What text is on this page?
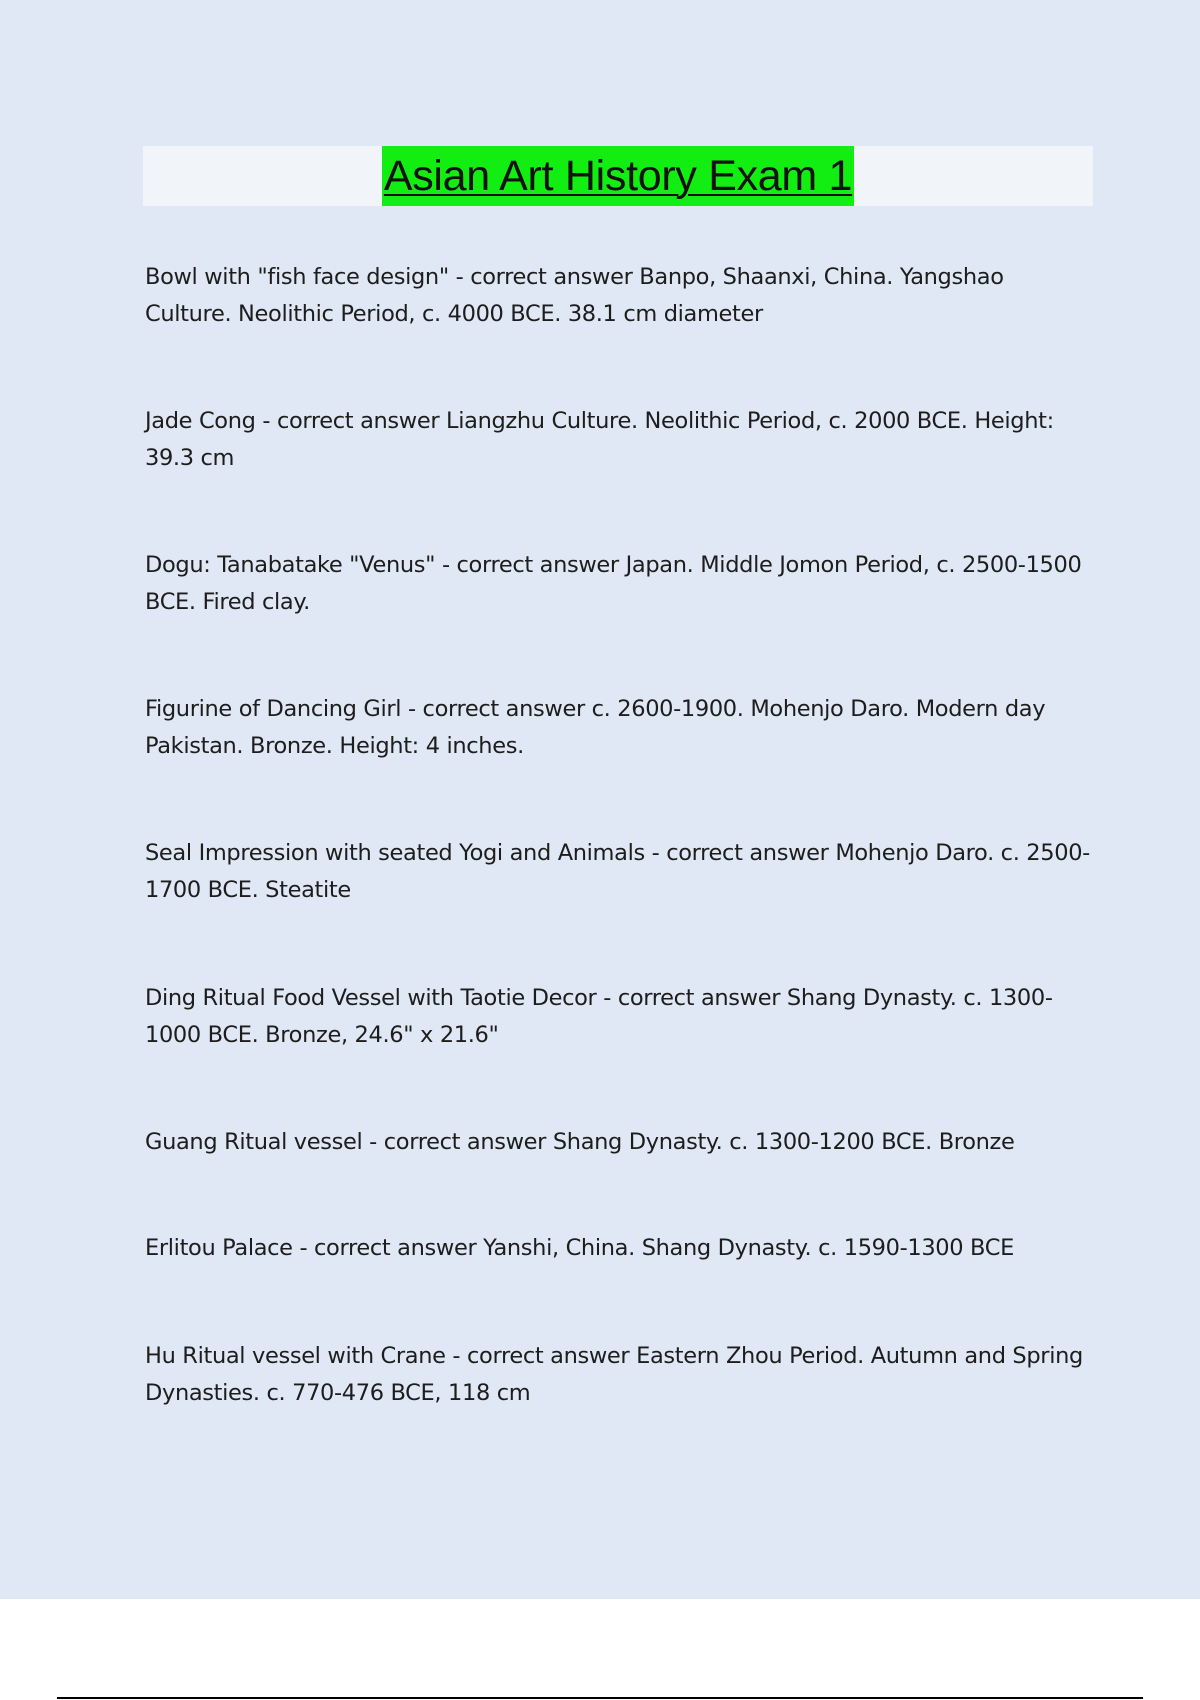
Asian Art History Exam 1

Bowl with "fish face design" - correct answer Banpo, Shaanxi, China. Yangshao Culture. Neolithic Period, c. 4000 BCE. 38.1 cm diameter

Jade Cong - correct answer Liangzhu Culture. Neolithic Period, c. 2000 BCE. Height: 39.3 cm

Dogu: Tanabatake "Venus" - correct answer Japan. Middle Jomon Period, c. 2500-1500 BCE. Fired clay.

Figurine of Dancing Girl - correct answer c. 2600-1900. Mohenjo Daro. Modern day Pakistan. Bronze. Height: 4 inches.

Seal Impression with seated Yogi and Animals - correct answer Mohenjo Daro. c. 2500-1700 BCE. Steatite

Ding Ritual Food Vessel with Taotie Decor - correct answer Shang Dynasty. c. 1300-1000 BCE. Bronze, 24.6" x 21.6"

Guang Ritual vessel - correct answer Shang Dynasty. c. 1300-1200 BCE. Bronze

Erlitou Palace - correct answer Yanshi, China. Shang Dynasty. c. 1590-1300 BCE

Hu Ritual vessel with Crane - correct answer Eastern Zhou Period. Autumn and Spring Dynasties. c. 770-476 BCE, 118 cm
